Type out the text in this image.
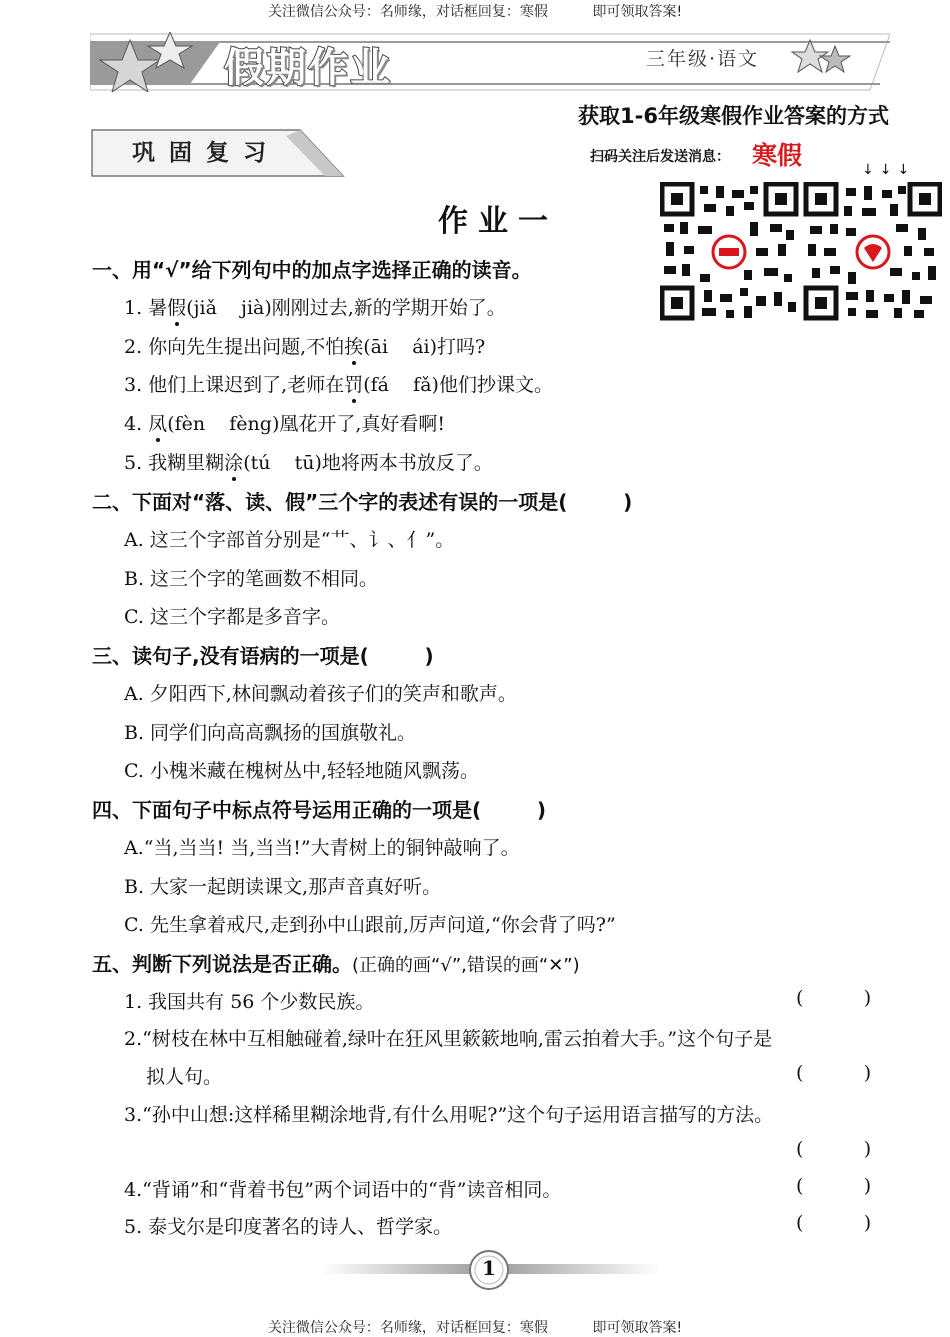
关注微信公众号：名师缘，对话框回复：寒假          即可领取答案!
假期作业	三年级·语文
巩固复习
获取1-6年级寒假作业答案的方式
扫码关注后发送消息： 寒假	↓↓↓
作业一
一、用“√”给下列句中的加点字选择正确的读音。
1. 暑假(jiǎ    jià)刚刚过去,新的学期开始了。
2. 你向先生提出问题,不怕挨(āi    ái)打吗?
3. 他们上课迟到了,老师在罚(fá    fǎ)他们抄课文。
4. 凤(fèn    fèng)凰花开了,真好看啊!
5. 我糊里糊涂(tú    tū)地将两本书放反了。
二、下面对“落、读、假”三个字的表述有误的一项是(        )
A. 这三个字部首分别是“艹、讠、亻”。
B. 这三个字的笔画数不相同。
C. 这三个字都是多音字。
三、读句子,没有语病的一项是(        )
A. 夕阳西下,林间飘动着孩子们的笑声和歌声。
B. 同学们向高高飘扬的国旗敬礼。
C. 小槐米藏在槐树丛中,轻轻地随风飘荡。
四、下面句子中标点符号运用正确的一项是(        )
A.“当,当当! 当,当当!”大青树上的铜钟敲响了。
B. 大家一起朗读课文,那声音真好听。
C. 先生拿着戒尺,走到孙中山跟前,厉声问道,“你会背了吗?”
五、判断下列说法是否正确。(正确的画“√”,错误的画“✕”)
1. 我国共有 56 个少数民族。	(          )
2.“树枝在林中互相触碰着,绿叶在狂风里簌簌地响,雷云拍着大手。”这个句子是
拟人句。	(          )
3.“孙中山想:这样稀里糊涂地背,有什么用呢?”这个句子运用语言描写的方法。
(          )
4.“背诵”和“背着书包”两个词语中的“背”读音相同。	(          )
5. 泰戈尔是印度著名的诗人、哲学家。	(          )
1
关注微信公众号：名师缘，对话框回复：寒假          即可领取答案!
